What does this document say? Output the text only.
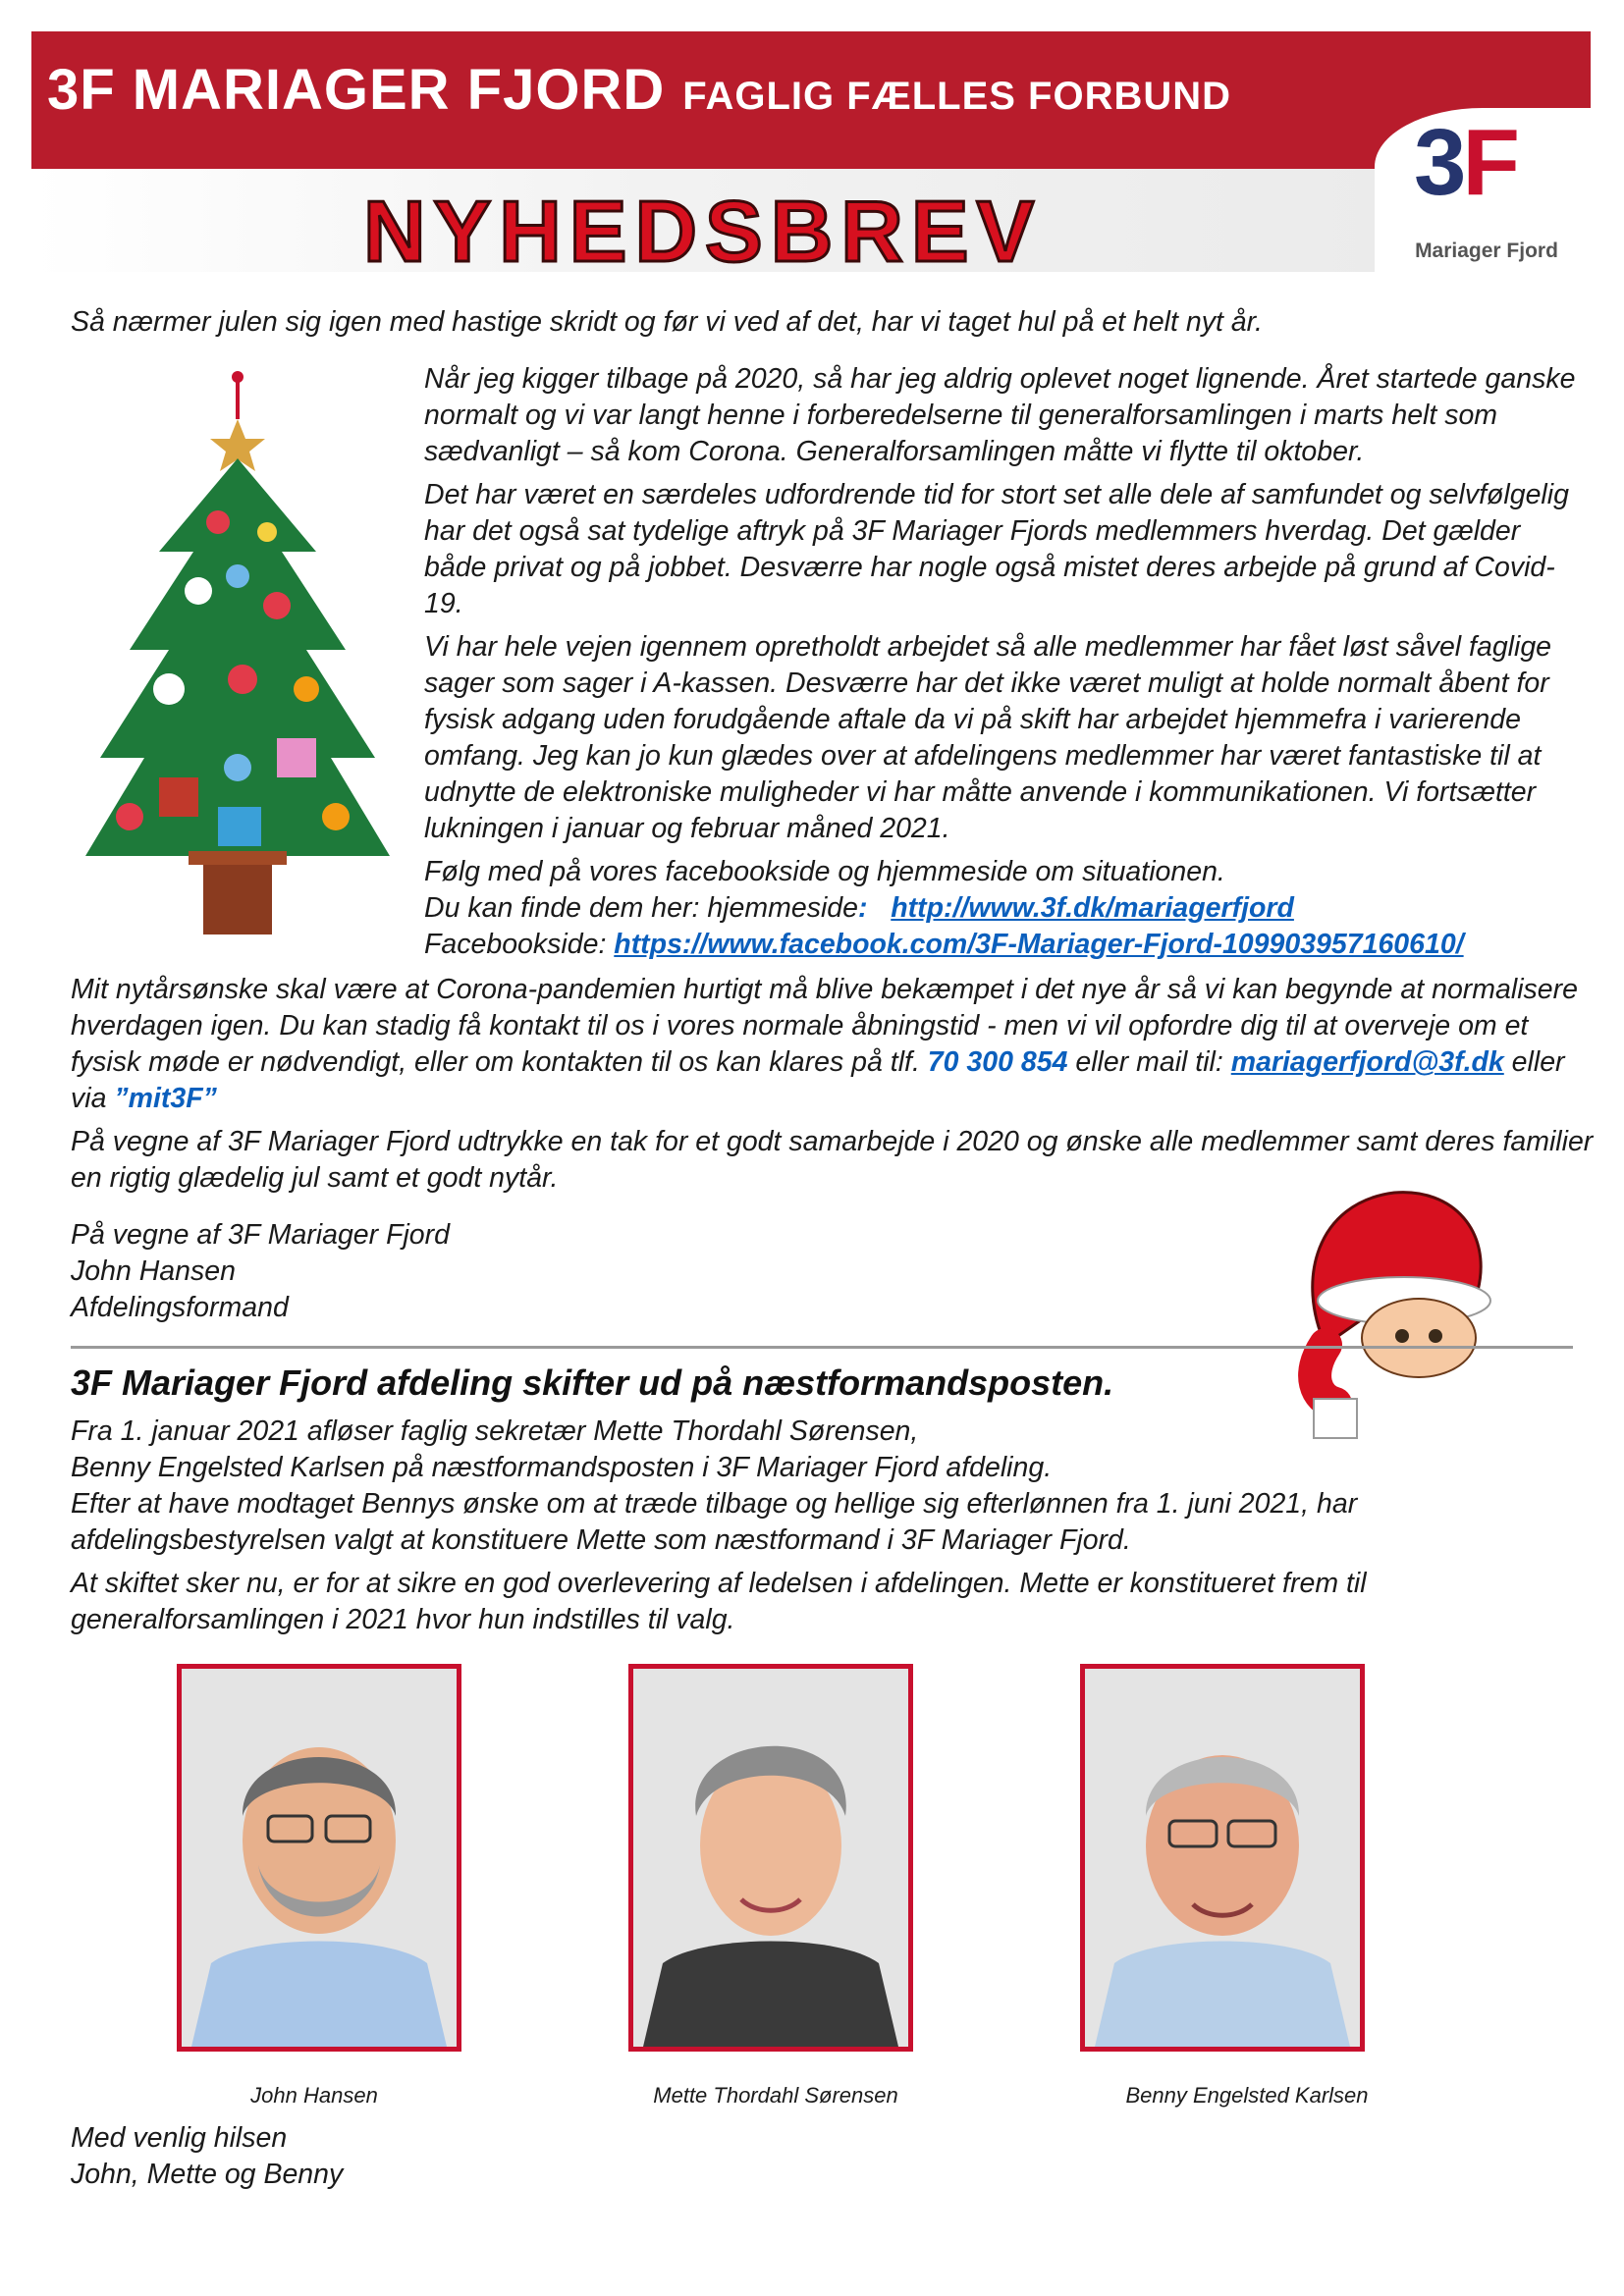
3F MARIAGER FJORD FAGLIG FÆLLES FORBUND
3F
Mariager Fjord
NYHEDSBREV
Så nærmer julen sig igen med hastige skridt og før vi ved af det, har vi taget hul på et helt nyt år.

Når jeg kigger tilbage på 2020, så har jeg aldrig oplevet noget lignende. Året startede ganske normalt og vi var langt henne i forberedelserne til generalforsamlingen i marts helt som sædvanligt – så kom Corona. Generalforsamlingen måtte vi flytte til oktober.

Det har været en særdeles udfordrende tid for stort set alle dele af samfundet og selvfølgelig har det også sat tydelige aftryk på 3F Mariager Fjords medlemmers hverdag. Det gælder både privat og på jobbet. Desværre har nogle også mistet deres arbejde på grund af Covid-19.

Vi har hele vejen igennem opretholdt arbejdet så alle medlemmer har fået løst såvel faglige sager som sager i A-kassen. Desværre har det ikke været muligt at holde normalt åbent for fysisk adgang uden forudgående aftale da vi på skift har arbejdet hjemmefra i varierende omfang. Jeg kan jo kun glædes over at afdelingens medlemmer har været fantastiske til at udnytte de elektroniske muligheder vi har måtte anvende i kommunikationen. Vi fortsætter lukningen i januar og februar måned 2021.

Følg med på vores facebookside og hjemmeside om situationen.
Du kan finde dem her: hjemmeside: http://www.3f.dk/mariagerfjord
Facebookside: https://www.facebook.com/3F-Mariager-Fjord-109903957160610/

Mit nytårsønske skal være at Corona-pandemien hurtigt må blive bekæmpet i det nye år så vi kan begynde at normalisere hverdagen igen. Du kan stadig få kontakt til os i vores normale åbningstid - men vi vil opfordre dig til at overveje om et fysisk møde er nødvendigt, eller om kontakten til os kan klares på tlf. 70 300 854 eller mail til: mariagerfjord@3f.dk eller via ”mit3F”

På vegne af 3F Mariager Fjord udtrykke en tak for et godt samarbejde i 2020 og ønske alle medlemmer samt deres familier en rigtig glædelig jul samt et godt nytår.

På vegne af 3F Mariager Fjord
John Hansen
Afdelingsformand
3F Mariager Fjord afdeling skifter ud på næstformandsposten.
Fra 1. januar 2021 afløser faglig sekretær Mette Thordahl Sørensen,
Benny Engelsted Karlsen på næstformandsposten i 3F Mariager Fjord afdeling.

Efter at have modtaget Bennys ønske om at træde tilbage og hellige sig efterlønnen fra 1. juni 2021, har afdelingsbestyrelsen valgt at konstituere Mette som næstformand i 3F Mariager Fjord.

At skiftet sker nu, er for at sikre en god overlevering af ledelsen i afdelingen. Mette er konstitueret frem til generalforsamlingen i 2021 hvor hun indstilles til valg.

John Hansen	Mette Thordahl Sørensen	Benny Engelsted Karlsen
Med venlig hilsen
John, Mette og Benny
